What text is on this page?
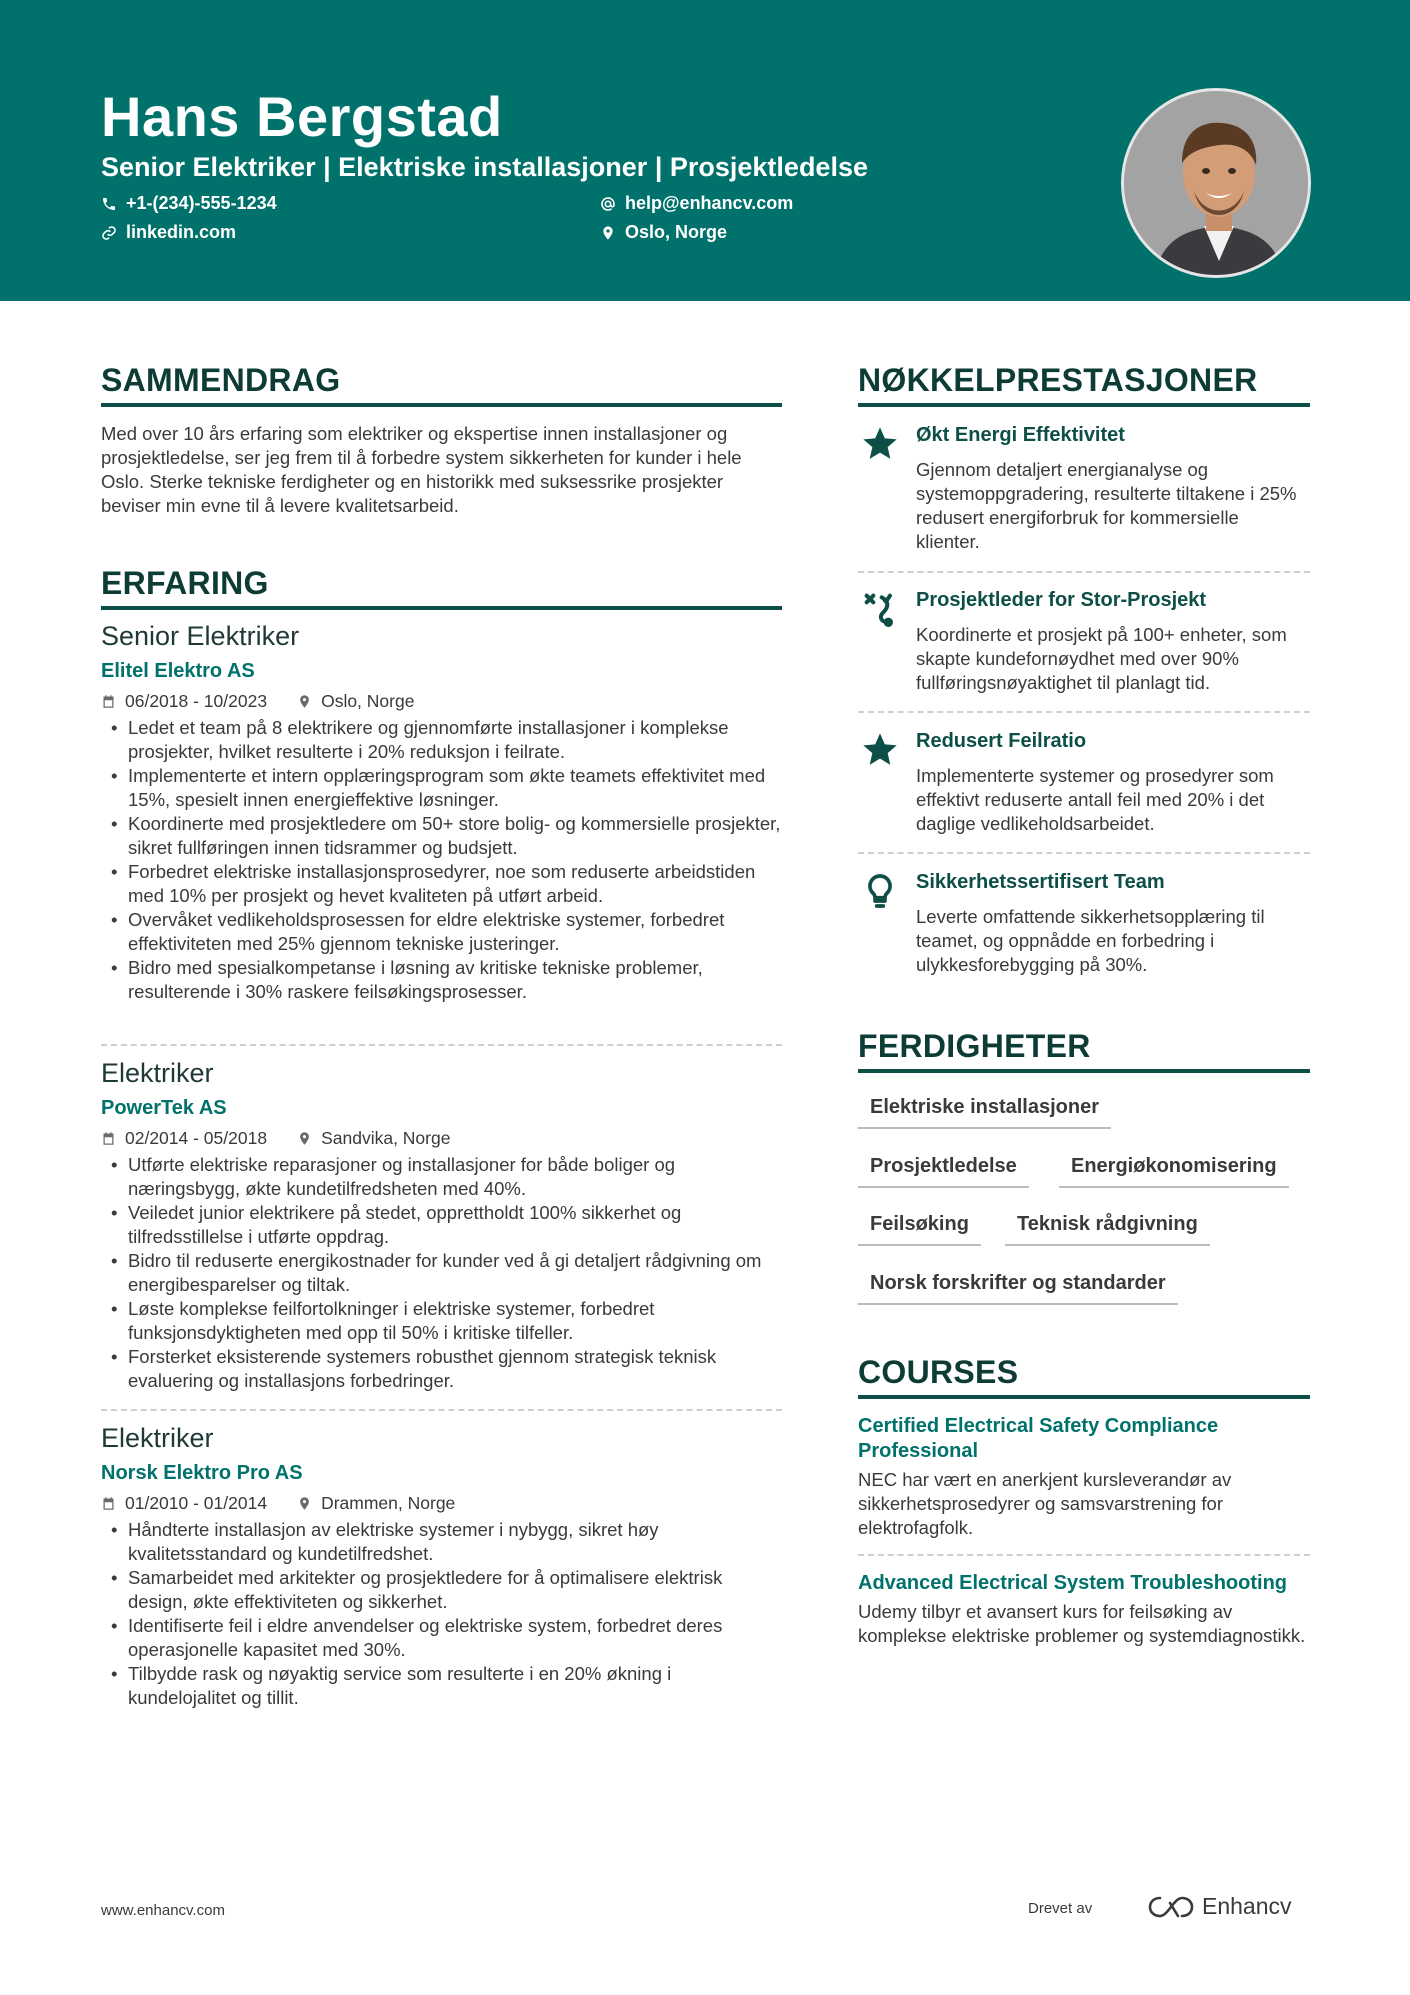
Hans Bergstad
Senior Elektriker | Elektriske installasjoner | Prosjektledelse
+1-(234)-555-1234	help@enhancv.com
linkedin.com	Oslo, Norge
SAMMENDRAG
Med over 10 års erfaring som elektriker og ekspertise innen installasjoner og prosjektledelse, ser jeg frem til å forbedre system sikkerheten for kunder i hele Oslo. Sterke tekniske ferdigheter og en historikk med suksessrike prosjekter beviser min evne til å levere kvalitetsarbeid.
ERFARING
Senior Elektriker
Elitel Elektro AS
06/2018 - 10/2023	Oslo, Norge
• Ledet et team på 8 elektrikere og gjennomførte installasjoner i komplekse prosjekter, hvilket resulterte i 20% reduksjon i feilrate.
• Implementerte et intern opplæringsprogram som økte teamets effektivitet med 15%, spesielt innen energieffektive løsninger.
• Koordinerte med prosjektledere om 50+ store bolig- og kommersielle prosjekter, sikret fullføringen innen tidsrammer og budsjett.
• Forbedret elektriske installasjonsprosedyrer, noe som reduserte arbeidstiden med 10% per prosjekt og hevet kvaliteten på utført arbeid.
• Overvåket vedlikeholdsprosessen for eldre elektriske systemer, forbedret effektiviteten med 25% gjennom tekniske justeringer.
• Bidro med spesialkompetanse i løsning av kritiske tekniske problemer, resulterende i 30% raskere feilsøkingsprosesser.
Elektriker
PowerTek AS
02/2014 - 05/2018	Sandvika, Norge
• Utførte elektriske reparasjoner og installasjoner for både boliger og næringsbygg, økte kundetilfredsheten med 40%.
• Veiledet junior elektrikere på stedet, opprettholdt 100% sikkerhet og tilfredsstillelse i utførte oppdrag.
• Bidro til reduserte energikostnader for kunder ved å gi detaljert rådgivning om energibesparelser og tiltak.
• Løste komplekse feilfortolkninger i elektriske systemer, forbedret funksjonsdyktigheten med opp til 50% i kritiske tilfeller.
• Forsterket eksisterende systemers robusthet gjennom strategisk teknisk evaluering og installasjons forbedringer.
Elektriker
Norsk Elektro Pro AS
01/2010 - 01/2014	Drammen, Norge
• Håndterte installasjon av elektriske systemer i nybygg, sikret høy kvalitetsstandard og kundetilfredshet.
• Samarbeidet med arkitekter og prosjektledere for å optimalisere elektrisk design, økte effektiviteten og sikkerhet.
• Identifiserte feil i eldre anvendelser og elektriske system, forbedret deres operasjonelle kapasitet med 30%.
• Tilbydde rask og nøyaktig service som resulterte i en 20% økning i kundelojalitet og tillit.
NØKKELPRESTASJONER
Økt Energi Effektivitet
Gjennom detaljert energianalyse og systemoppgradering, resulterte tiltakene i 25% redusert energiforbruk for kommersielle klienter.
Prosjektleder for Stor-Prosjekt
Koordinerte et prosjekt på 100+ enheter, som skapte kundefornøydhet med over 90% fullføringsnøyaktighet til planlagt tid.
Redusert Feilratio
Implementerte systemer og prosedyrer som effektivt reduserte antall feil med 20% i det daglige vedlikeholdsarbeidet.
Sikkerhetssertifisert Team
Leverte omfattende sikkerhetsopplæring til teamet, og oppnådde en forbedring i ulykkesforebygging på 30%.
FERDIGHETER
Elektriske installasjoner
Prosjektledelse	Energiøkonomisering
Feilsøking	Teknisk rådgivning
Norsk forskrifter og standarder
COURSES
Certified Electrical Safety Compliance Professional
NEC har vært en anerkjent kursleverandør av sikkerhetsprosedyrer og samsvarstrening for elektrofagfolk.
Advanced Electrical System Troubleshooting
Udemy tilbyr et avansert kurs for feilsøking av komplekse elektriske problemer og systemdiagnostikk.
www.enhancv.com	Drevet av	Enhancv
